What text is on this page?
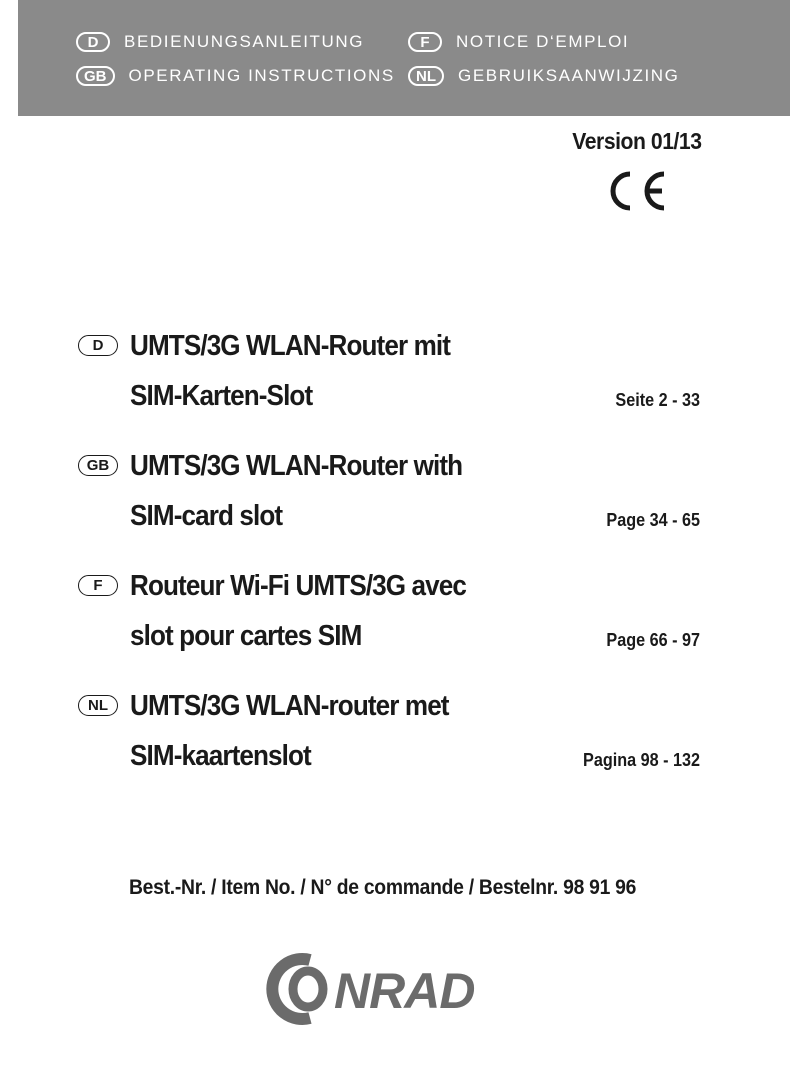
D	BEDIENUNGSANLEITUNG	F	NOTICE D‘EMPLOI
GB	OPERATING INSTRUCTIONS	NL	GEBRUIKSAANWIJZING
Version 01/13
D UMTS/3G WLAN-Router mit
SIM-Karten-Slot	Seite 2 - 33
GB UMTS/3G WLAN-Router with
SIM-card slot	Page 34 - 65
F Routeur Wi-Fi UMTS/3G avec
slot pour cartes SIM	Page 66 - 97
NL UMTS/3G WLAN-router met
SIM-kaartenslot	Pagina 98 - 132
Best.-Nr. / Item No. / N° de commande / Bestelnr. 98 91 96
NRAD
